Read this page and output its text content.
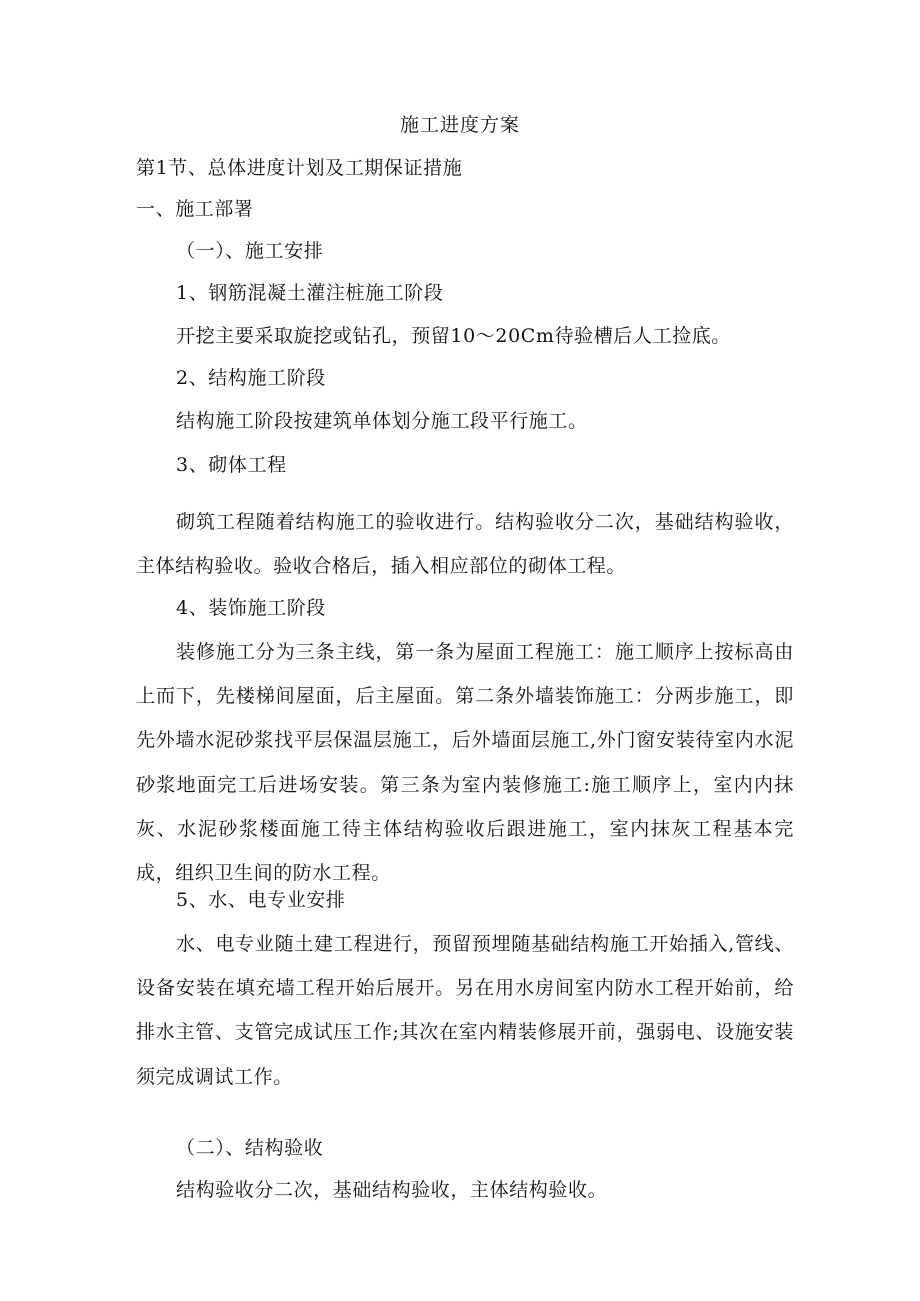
施工进度方案
第1节、总体进度计划及工期保证措施
一、施工部署
（一）、施工安排
1、钢筋混凝土灌注桩施工阶段
开挖主要采取旋挖或钻孔，预留10～20Cm待验槽后人工捡底。
2、结构施工阶段
结构施工阶段按建筑单体划分施工段平行施工。
3、砌体工程
砌筑工程随着结构施工的验收进行。结构验收分二次，基础结构验收，主体结构验收。验收合格后，插入相应部位的砌体工程。
4、装饰施工阶段
装修施工分为三条主线，第一条为屋面工程施工：施工顺序上按标高由上而下，先楼梯间屋面，后主屋面。第二条外墙装饰施工：分两步施工，即先外墙水泥砂浆找平层保温层施工，后外墙面层施工,外门窗安装待室内水泥砂浆地面完工后进场安装。第三条为室内装修施工:施工顺序上，室内内抹灰、水泥砂浆楼面施工待主体结构验收后跟进施工，室内抹灰工程基本完成，组织卫生间的防水工程。
5、水、电专业安排
水、电专业随土建工程进行，预留预埋随基础结构施工开始插入,管线、设备安装在填充墙工程开始后展开。另在用水房间室内防水工程开始前，给排水主管、支管完成试压工作;其次在室内精装修展开前，强弱电、设施安装须完成调试工作。
（二）、结构验收
结构验收分二次，基础结构验收，主体结构验收。
